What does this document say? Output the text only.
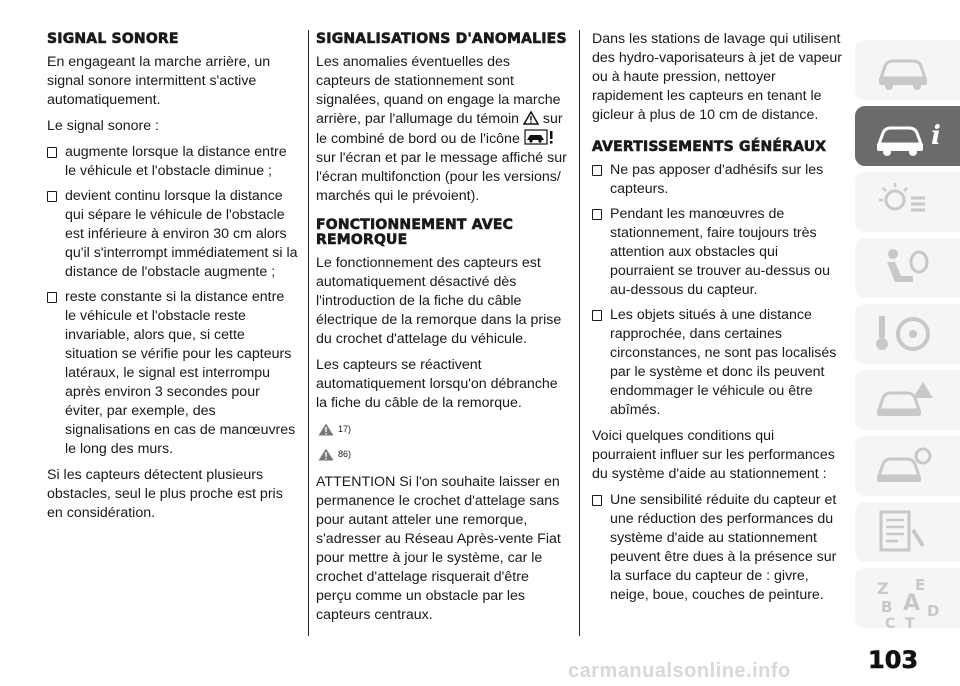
SIGNAL SONORE

En engageant la marche arrière, un signal sonore intermittent s'active automatiquement.

Le signal sonore :

augmente lorsque la distance entre le véhicule et l'obstacle diminue ;
devient continu lorsque la distance qui sépare le véhicule de l'obstacle est inférieure à environ 30 cm alors qu'il s'interrompt immédiatement si la distance de l'obstacle augmente ;
reste constante si la distance entre le véhicule et l'obstacle reste invariable, alors que, si cette situation se vérifie pour les capteurs latéraux, le signal est interrompu après environ 3 secondes pour éviter, par exemple, des signalisations en cas de manœuvres le long des murs.

Si les capteurs détectent plusieurs obstacles, seul le plus proche est pris en considération.

SIGNALISATIONS D'ANOMALIES

Les anomalies éventuelles des capteurs de stationnement sont signalées, quand on engage la marche arrière, par l'allumage du témoin sur le combiné de bord ou de l'icône  sur l'écran et par le message affiché sur l'écran multifonction (pour les versions/ marchés qui le prévoient).

FONCTIONNEMENT AVEC REMORQUE

Le fonctionnement des capteurs est automatiquement désactivé dès l'introduction de la fiche du câble électrique de la remorque dans la prise du crochet d'attelage du véhicule.

Les capteurs se réactivent automatiquement lorsqu'on débranche la fiche du câble de la remorque.

17)
86)

ATTENTION Si l'on souhaite laisser en permanence le crochet d'attelage sans pour autant atteler une remorque, s'adresser au Réseau Après-vente Fiat pour mettre à jour le système, car le crochet d'attelage risquerait d'être perçu comme un obstacle par les capteurs centraux.

Dans les stations de lavage qui utilisent des hydro-vaporisateurs à jet de vapeur ou à haute pression, nettoyer rapidement les capteurs en tenant le gicleur à plus de 10 cm de distance.

AVERTISSEMENTS GÉNÉRAUX
Ne pas apposer d'adhésifs sur les capteurs.
Pendant les manœuvres de stationnement, faire toujours très attention aux obstacles qui pourraient se trouver au-dessus ou au-dessous du capteur.
Les objets situés à une distance rapprochée, dans certaines circonstances, ne sont pas localisés par le système et donc ils peuvent endommager le véhicule ou être abîmés.

Voici quelques conditions qui pourraient influer sur les performances du système d'aide au stationnement :

Une sensibilité réduite du capteur et une réduction des performances du système d'aide au stationnement peuvent être dues à la présence sur la surface du capteur de : givre, neige, boue, couches de peinture.
i
Z E
B A D
C T
103
carmanualsonline.info
